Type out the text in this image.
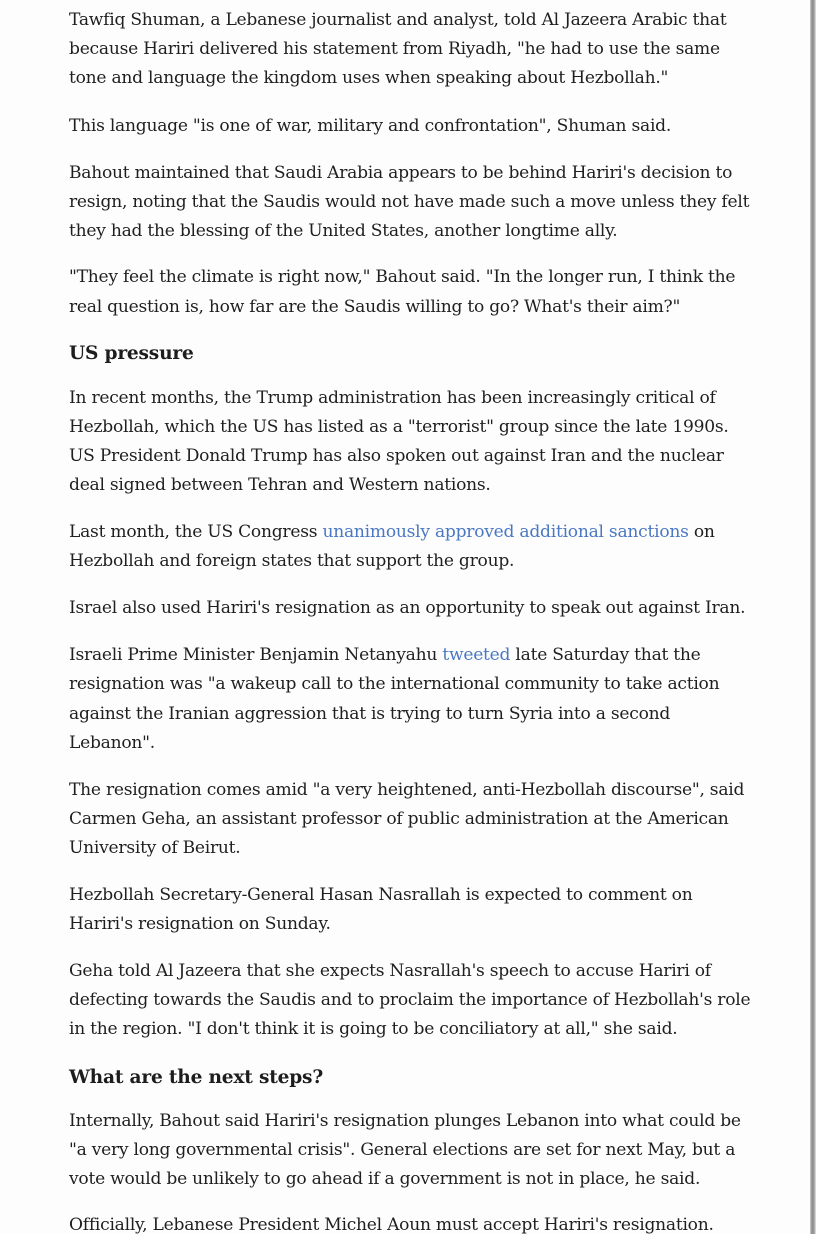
Tawfiq Shuman, a Lebanese journalist and analyst, told Al Jazeera Arabic that because Hariri delivered his statement from Riyadh, "he had to use the same tone and language the kingdom uses when speaking about Hezbollah."

This language "is one of war, military and confrontation", Shuman said.

Bahout maintained that Saudi Arabia appears to be behind Hariri's decision to resign, noting that the Saudis would not have made such a move unless they felt they had the blessing of the United States, another longtime ally.

"They feel the climate is right now," Bahout said. "In the longer run, I think the real question is, how far are the Saudis willing to go? What's their aim?"

US pressure

In recent months, the Trump administration has been increasingly critical of Hezbollah, which the US has listed as a "terrorist" group since the late 1990s. US President Donald Trump has also spoken out against Iran and the nuclear deal signed between Tehran and Western nations.

Last month, the US Congress unanimously approved additional sanctions on Hezbollah and foreign states that support the group.

Israel also used Hariri's resignation as an opportunity to speak out against Iran.

Israeli Prime Minister Benjamin Netanyahu tweeted late Saturday that the resignation was "a wakeup call to the international community to take action against the Iranian aggression that is trying to turn Syria into a second Lebanon".

The resignation comes amid "a very heightened, anti-Hezbollah discourse", said Carmen Geha, an assistant professor of public administration at the American University of Beirut.

Hezbollah Secretary-General Hasan Nasrallah is expected to comment on Hariri's resignation on Sunday.

Geha told Al Jazeera that she expects Nasrallah's speech to accuse Hariri of defecting towards the Saudis and to proclaim the importance of Hezbollah's role in the region. "I don't think it is going to be conciliatory at all," she said.

What are the next steps?

Internally, Bahout said Hariri's resignation plunges Lebanon into what could be "a very long governmental crisis". General elections are set for next May, but a vote would be unlikely to go ahead if a government is not in place, he said.

Officially, Lebanese President Michel Aoun must accept Hariri's resignation.
